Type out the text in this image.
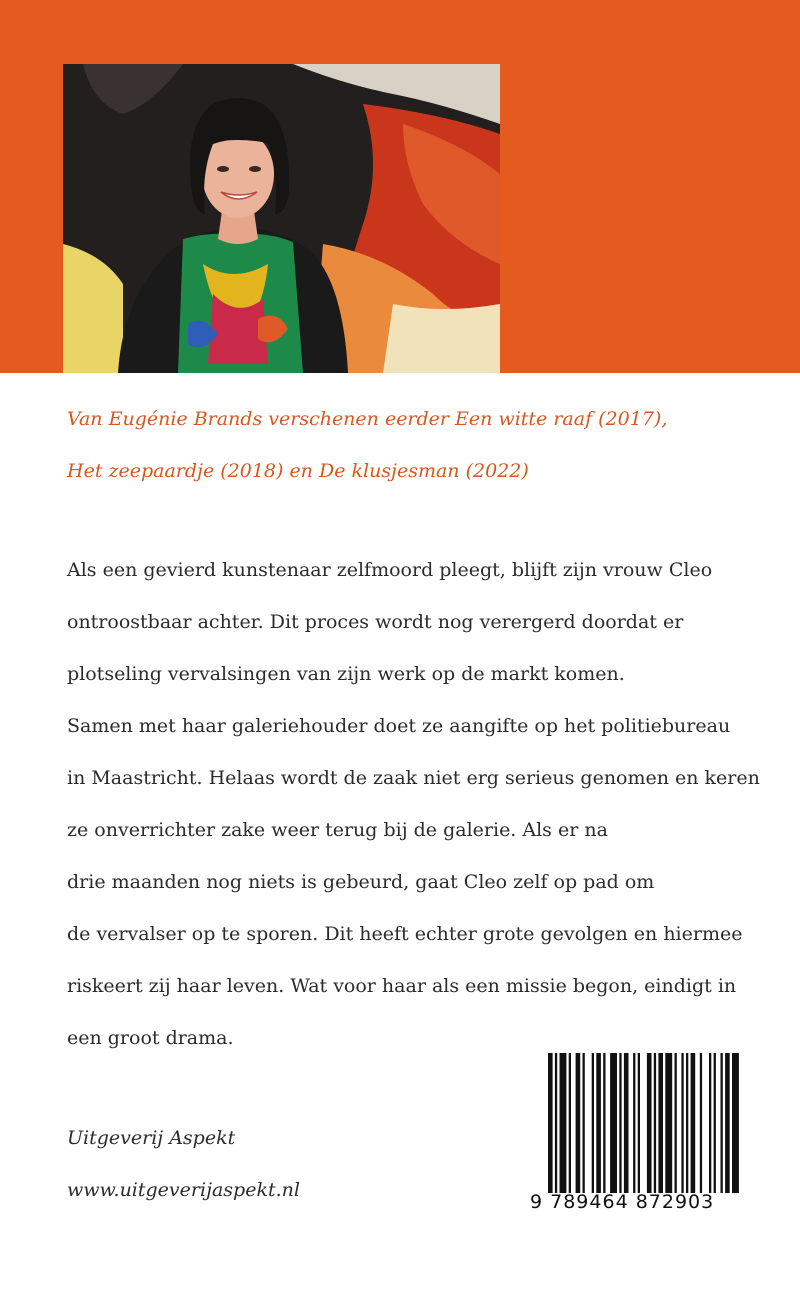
Van Eugénie Brands verschenen eerder Een witte raaf (2017),

Het zeepaardje (2018) en De klusjesman (2022)

Als een gevierd kunstenaar zelfmoord pleegt, blijft zijn vrouw Cleo

ontroostbaar achter. Dit proces wordt nog verergerd doordat er

plotseling vervalsingen van zijn werk op de markt komen.

Samen met haar galeriehouder doet ze aangifte op het politiebureau

in Maastricht. Helaas wordt de zaak niet erg serieus genomen en keren

ze onverrichter zake weer terug bij de galerie. Als er na

drie maanden nog niets is gebeurd, gaat Cleo zelf op pad om

de vervalser op te sporen. Dit heeft echter grote gevolgen en hiermee

riskeert zij haar leven. Wat voor haar als een missie begon, eindigt in

een groot drama.

Uitgeverij Aspekt

www.uitgeverijaspekt.nl

9 789464 872903
